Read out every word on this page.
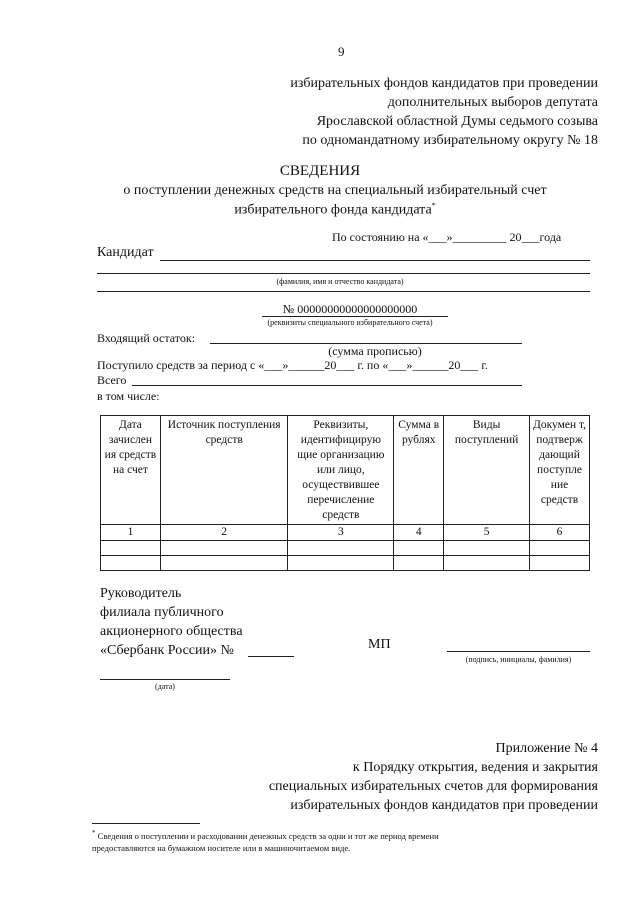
9
избирательных фондов кандидатов при проведении
дополнительных выборов депутата
Ярославской областной Думы седьмого созыва
по одномандатному избирательному округу № 18
СВЕДЕНИЯ
о поступлении денежных средств на специальный избирательный счет
избирательного фонда кандидата*
По состоянию на «___»_________ 20___года
Кандидат
(фамилия, имя и отчество кандидата)
№ 00000000000000000000
(реквизиты специального избирательного счета)
Входящий остаток:
(сумма прописью)
Поступило средств за период с «___»______20___ г. по «___»______20___ г.
Всего
в том числе:
Дата зачислен ия средств на счет	Источник поступления средств	Реквизиты, идентифицирую щие организацию или лицо, осуществившее перечисление средств	Сумма в рублях	Виды поступлений	Докумен т, подтверж дающий поступле ние средств
1	2	3	4	5	6

Руководитель
филиала публичного
акционерного общества
«Сбербанк России» №	МП
(подпись, инициалы, фамилия)
(дата)
Приложение № 4
к Порядку открытия, ведения и закрытия
специальных избирательных счетов для формирования
избирательных фондов кандидатов при проведении
* Сведения о поступлении и расходовании денежных средств за одни и тот же период времени
предоставляются на бумажном носителе или в машиночитаемом виде.
